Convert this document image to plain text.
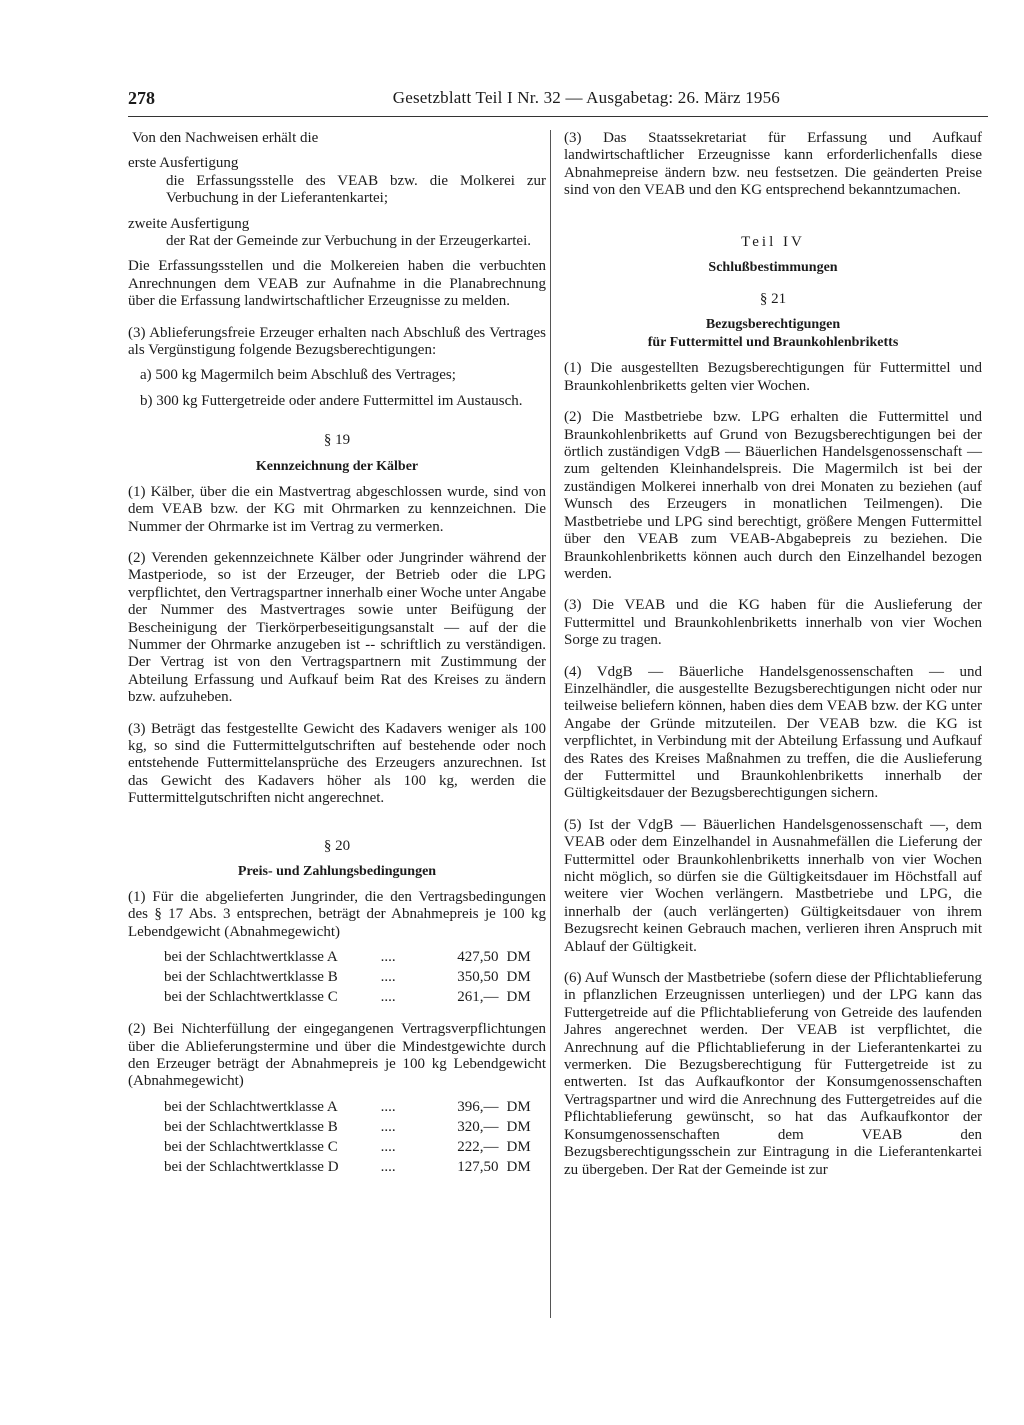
278	Gesetzblatt Teil I Nr. 32 — Ausgabetag: 26. März 1956

Von den Nachweisen erhält die

erste Ausfertigung

die Erfassungsstelle des VEAB bzw. die Molkerei zur Verbuchung in der Lieferantenkartei;

zweite Ausfertigung

der Rat der Gemeinde zur Verbuchung in der Erzeugerkartei.

Die Erfassungsstellen und die Molkereien haben die verbuchten Anrechnungen dem VEAB zur Aufnahme in die Planabrechnung über die Erfassung landwirtschaftlicher Erzeugnisse zu melden.

(3) Ablieferungsfreie Erzeuger erhalten nach Abschluß des Vertrages als Vergünstigung folgende Bezugsberechtigungen:

a) 500 kg Magermilch beim Abschluß des Vertrages;

b) 300 kg Futtergetreide oder andere Futtermittel im Austausch.

§ 19

Kennzeichnung der Kälber

(1) Kälber, über die ein Mastvertrag abgeschlossen wurde, sind von dem VEAB bzw. der KG mit Ohrmarken zu kennzeichnen. Die Nummer der Ohrmarke ist im Vertrag zu vermerken.

(2) Verenden gekennzeichnete Kälber oder Jungrinder während der Mastperiode, so ist der Erzeuger, der Betrieb oder die LPG verpflichtet, den Vertragspartner innerhalb einer Woche unter Angabe der Nummer des Mastvertrages sowie unter Beifügung der Bescheinigung der Tierkörperbeseitigungsanstalt — auf der die Nummer der Ohrmarke anzugeben ist -- schriftlich zu verständigen. Der Vertrag ist von den Vertragspartnern mit Zustimmung der Abteilung Erfassung und Aufkauf beim Rat des Kreises zu ändern bzw. aufzuheben.

(3) Beträgt das festgestellte Gewicht des Kadavers weniger als 100 kg, so sind die Futtermittelgutschriften auf bestehende oder noch entstehende Futtermittelansprüche des Erzeugers anzurechnen. Ist das Gewicht des Kadavers höher als 100 kg, werden die Futtermittelgutschriften nicht angerechnet.

§ 20

Preis- und Zahlungsbedingungen

(1) Für die abgelieferten Jungrinder, die den Vertragsbedingungen des § 17 Abs. 3 entsprechen, beträgt der Abnahmepreis je 100 kg Lebendgewicht (Abnahmegewicht)

bei der Schlachtwertklasse A	....	427,50	DM
bei der Schlachtwertklasse B	....	350,50	DM
bei der Schlachtwertklasse C	....	261,—	DM

(2) Bei Nichterfüllung der eingegangenen Vertragsverpflichtungen über die Ablieferungstermine und über die Mindestgewichte durch den Erzeuger beträgt der Abnahmepreis je 100 kg Lebendgewicht (Abnahmegewicht)

bei der Schlachtwertklasse A	....	396,—	DM
bei der Schlachtwertklasse B	....	320,—	DM
bei der Schlachtwertklasse C	....	222,—	DM
bei der Schlachtwertklasse D	....	127,50	DM

(3) Das Staatssekretariat für Erfassung und Aufkauf landwirtschaftlicher Erzeugnisse kann erforderlichenfalls diese Abnahmepreise ändern bzw. neu festsetzen. Die geänderten Preise sind von den VEAB und den KG entsprechend bekanntzumachen.

Teil IV

Schlußbestimmungen

§ 21

Bezugsberechtigungen

für Futtermittel und Braunkohlenbriketts

(1) Die ausgestellten Bezugsberechtigungen für Futtermittel und Braunkohlenbriketts gelten vier Wochen.

(2) Die Mastbetriebe bzw. LPG erhalten die Futtermittel und Braunkohlenbriketts auf Grund von Bezugsberechtigungen bei der örtlich zuständigen VdgB — Bäuerlichen Handelsgenossenschaft — zum geltenden Kleinhandelspreis. Die Magermilch ist bei der zuständigen Molkerei innerhalb von drei Monaten zu beziehen (auf Wunsch des Erzeugers in monatlichen Teilmengen). Die Mastbetriebe und LPG sind berechtigt, größere Mengen Futtermittel über den VEAB zum VEAB-Abgabepreis zu beziehen. Die Braunkohlenbriketts können auch durch den Einzelhandel bezogen werden.

(3) Die VEAB und die KG haben für die Auslieferung der Futtermittel und Braunkohlenbriketts innerhalb von vier Wochen Sorge zu tragen.

(4) VdgB — Bäuerliche Handelsgenossenschaften — und Einzelhändler, die ausgestellte Bezugsberechtigungen nicht oder nur teilweise beliefern können, haben dies dem VEAB bzw. der KG unter Angabe der Gründe mitzuteilen. Der VEAB bzw. die KG ist verpflichtet, in Verbindung mit der Abteilung Erfassung und Aufkauf des Rates des Kreises Maßnahmen zu treffen, die die Auslieferung der Futtermittel und Braunkohlenbriketts innerhalb der Gültigkeitsdauer der Bezugsberechtigungen sichern.

(5) Ist der VdgB — Bäuerlichen Handelsgenossenschaft —, dem VEAB oder dem Einzelhandel in Ausnahmefällen die Lieferung der Futtermittel oder Braunkohlenbriketts innerhalb von vier Wochen nicht möglich, so dürfen sie die Gültigkeitsdauer im Höchstfall auf weitere vier Wochen verlängern. Mastbetriebe und LPG, die innerhalb der (auch verlängerten) Gültigkeitsdauer von ihrem Bezugsrecht keinen Gebrauch machen, verlieren ihren Anspruch mit Ablauf der Gültigkeit.

(6) Auf Wunsch der Mastbetriebe (sofern diese der Pflichtablieferung in pflanzlichen Erzeugnissen unterliegen) und der LPG kann das Futtergetreide auf die Pflichtablieferung von Getreide des laufenden Jahres angerechnet werden. Der VEAB ist verpflichtet, die Anrechnung auf die Pflichtablieferung in der Lieferantenkartei zu vermerken. Die Bezugsberechtigung für Futtergetreide ist zu entwerten. Ist das Aufkaufkontor der Konsumgenossenschaften Vertragspartner und wird die Anrechnung des Futtergetreides auf die Pflichtablieferung gewünscht, so hat das Aufkaufkontor der Konsumgenossenschaften dem VEAB den Bezugsberechtigungsschein zur Eintragung in die Lieferantenkartei zu übergeben. Der Rat der Gemeinde ist zur
